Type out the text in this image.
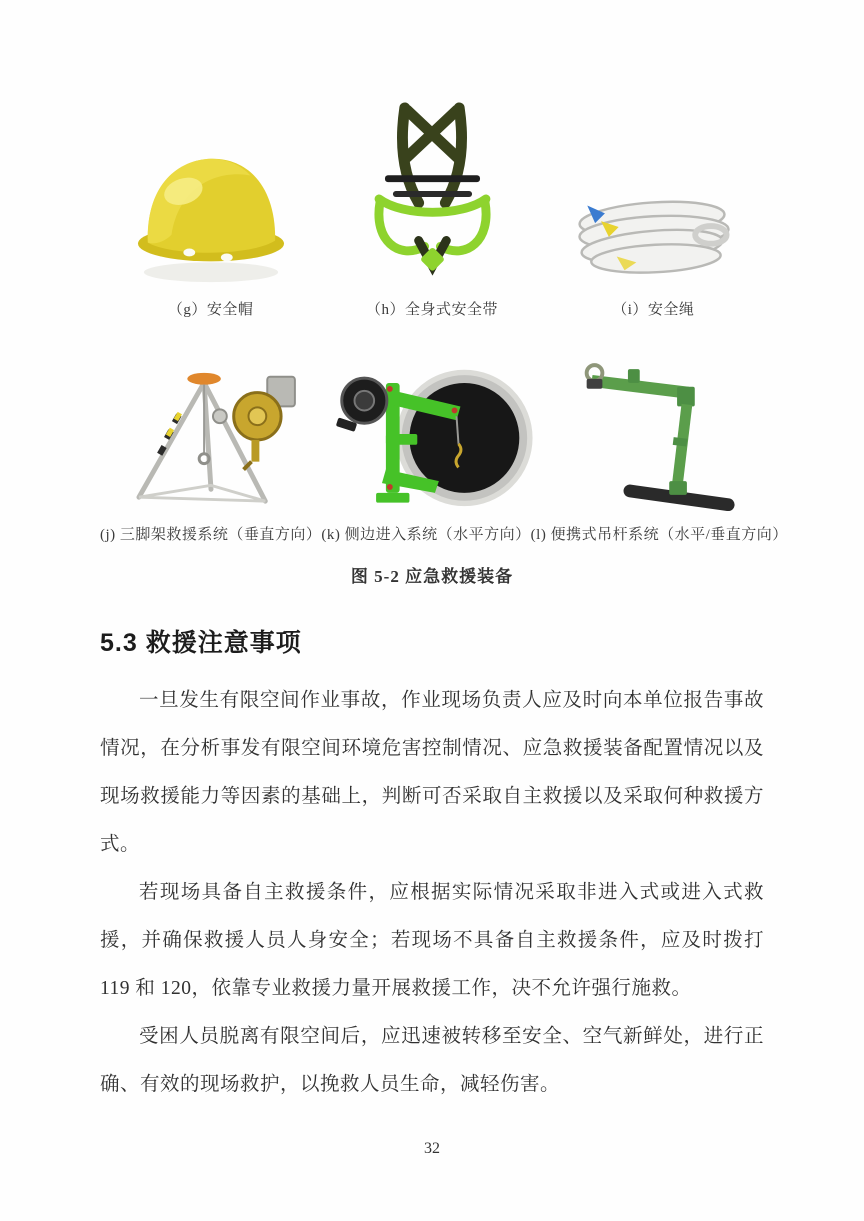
（g）安全帽	（h）全身式安全带	（i）安全绳
(j) 三脚架救援系统（垂直方向） (k) 侧边进入系统（水平方向） (l) 便携式吊杆系统（水平/垂直方向）
图 5-2 应急救援装备
5.3 救援注意事项

一旦发生有限空间作业事故，作业现场负责人应及时向本单位报告事故情况，在分析事发有限空间环境危害控制情况、应急救援装备配置情况以及现场救援能力等因素的基础上，判断可否采取自主救援以及采取何种救援方式。

若现场具备自主救援条件，应根据实际情况采取非进入式或进入式救援，并确保救援人员人身安全；若现场不具备自主救援条件，应及时拨打 119 和 120，依靠专业救援力量开展救援工作，决不允许强行施救。

受困人员脱离有限空间后，应迅速被转移至安全、空气新鲜处，进行正确、有效的现场救护，以挽救人员生命，减轻伤害。

32
